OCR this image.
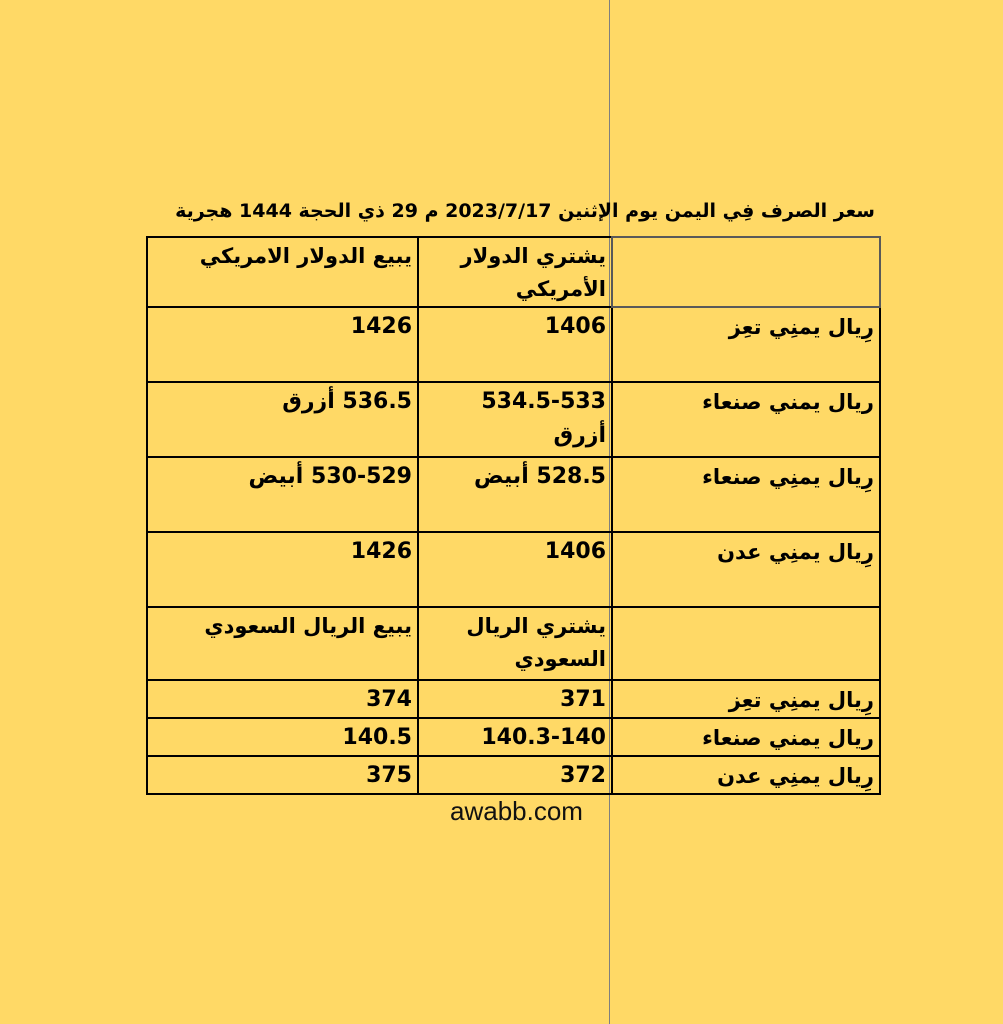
سعر الصرف فِي اليمن يوم الإثنين 2023/7/17 م 29 ذي الحجة 1444 هجرية
	يشتري الدولار الأمريكي	يبيع الدولار الامريكي
رِيال يمنِي تعِز	1406	1426
ريال يمني صنعاء	534.5-533 أزرق	536.5 أزرق
رِيال يمنِي صنعاء	528.5 أبيض	530-529 أبيض
رِيال يمنِي عدن	1406	1426
	يشتري الريال السعودي	يبيع الريال السعودي
رِيال يمنِي تعِز	371	374
ريال يمني صنعاء	140.3-140	140.5
رِيال يمنِي عدن	372	375
awabb.com
